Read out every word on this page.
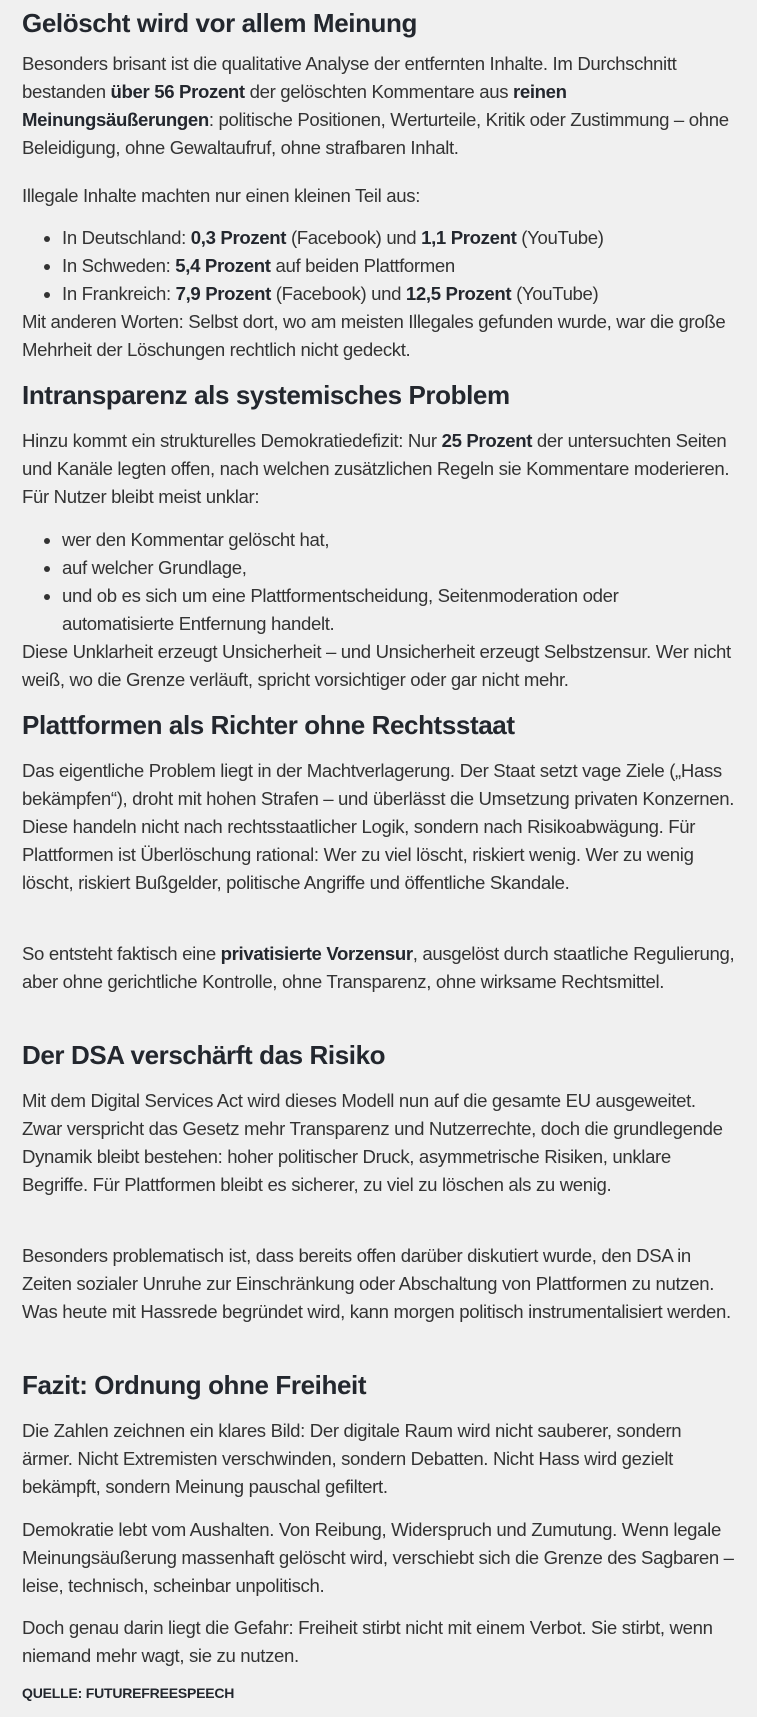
Gelöscht wird vor allem Meinung

Besonders brisant ist die qualitative Analyse der entfernten Inhalte. Im Durchschnitt bestanden über 56 Prozent der gelöschten Kommentare aus reinen Meinungsäußerungen: politische Positionen, Werturteile, Kritik oder Zustimmung – ohne Beleidigung, ohne Gewaltaufruf, ohne strafbaren Inhalt.

Illegale Inhalte machten nur einen kleinen Teil aus:

• In Deutschland: 0,3 Prozent (Facebook) und 1,1 Prozent (YouTube)
• In Schweden: 5,4 Prozent auf beiden Plattformen
• In Frankreich: 7,9 Prozent (Facebook) und 12,5 Prozent (YouTube)

Mit anderen Worten: Selbst dort, wo am meisten Illegales gefunden wurde, war die große Mehrheit der Löschungen rechtlich nicht gedeckt.

Intransparenz als systemisches Problem

Hinzu kommt ein strukturelles Demokratiedefizit: Nur 25 Prozent der untersuchten Seiten und Kanäle legten offen, nach welchen zusätzlichen Regeln sie Kommentare moderieren. Für Nutzer bleibt meist unklar:

• wer den Kommentar gelöscht hat,
• auf welcher Grundlage,
• und ob es sich um eine Plattformentscheidung, Seitenmoderation oder automatisierte Entfernung handelt.

Diese Unklarheit erzeugt Unsicherheit – und Unsicherheit erzeugt Selbstzensur. Wer nicht weiß, wo die Grenze verläuft, spricht vorsichtiger oder gar nicht mehr.

Plattformen als Richter ohne Rechtsstaat

Das eigentliche Problem liegt in der Machtverlagerung. Der Staat setzt vage Ziele („Hass bekämpfen“), droht mit hohen Strafen – und überlässt die Umsetzung privaten Konzernen. Diese handeln nicht nach rechtsstaatlicher Logik, sondern nach Risikoabwägung. Für Plattformen ist Überlöschung rational: Wer zu viel löscht, riskiert wenig. Wer zu wenig löscht, riskiert Bußgelder, politische Angriffe und öffentliche Skandale.

So entsteht faktisch eine privatisierte Vorzensur, ausgelöst durch staatliche Regulierung, aber ohne gerichtliche Kontrolle, ohne Transparenz, ohne wirksame Rechtsmittel.

Der DSA verschärft das Risiko

Mit dem Digital Services Act wird dieses Modell nun auf die gesamte EU ausgeweitet. Zwar verspricht das Gesetz mehr Transparenz und Nutzerrechte, doch die grundlegende Dynamik bleibt bestehen: hoher politischer Druck, asymmetrische Risiken, unklare Begriffe. Für Plattformen bleibt es sicherer, zu viel zu löschen als zu wenig.

Besonders problematisch ist, dass bereits offen darüber diskutiert wurde, den DSA in Zeiten sozialer Unruhe zur Einschränkung oder Abschaltung von Plattformen zu nutzen. Was heute mit Hassrede begründet wird, kann morgen politisch instrumentalisiert werden.

Fazit: Ordnung ohne Freiheit

Die Zahlen zeichnen ein klares Bild: Der digitale Raum wird nicht sauberer, sondern ärmer. Nicht Extremisten verschwinden, sondern Debatten. Nicht Hass wird gezielt bekämpft, sondern Meinung pauschal gefiltert.

Demokratie lebt vom Aushalten. Von Reibung, Widerspruch und Zumutung. Wenn legale Meinungsäußerung massenhaft gelöscht wird, verschiebt sich die Grenze des Sagbaren – leise, technisch, scheinbar unpolitisch.

Doch genau darin liegt die Gefahr: Freiheit stirbt nicht mit einem Verbot. Sie stirbt, wenn niemand mehr wagt, sie zu nutzen.

QUELLE: FUTUREFREESPEECH
